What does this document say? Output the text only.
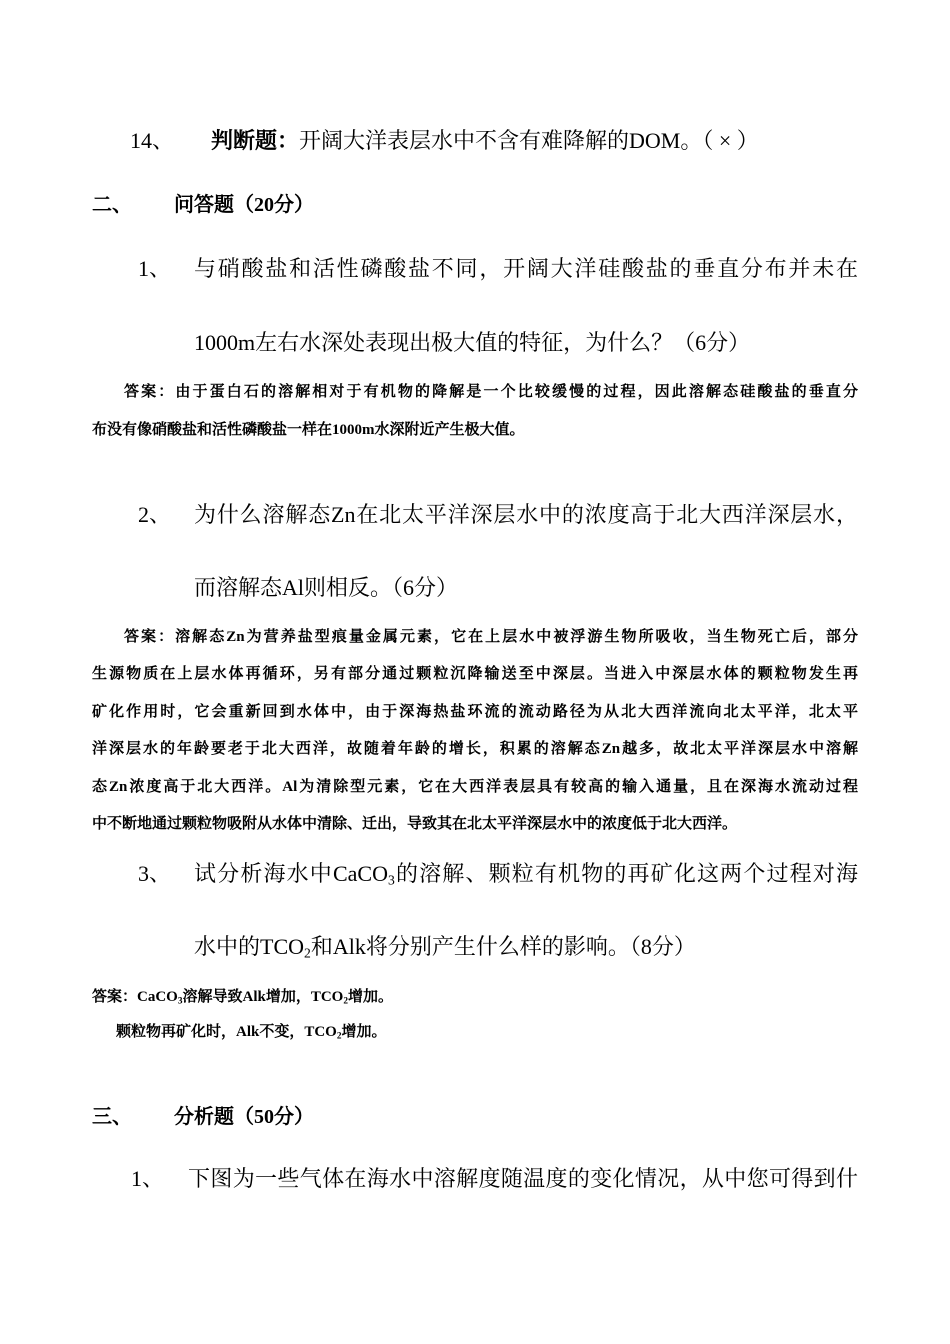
14、 判断题：开阔大洋表层水中不含有难降解的DOM。（ × ）
二、 问答题（20分）
1、 与硝酸盐和活性磷酸盐不同，开阔大洋硅酸盐的垂直分布并未在
1000m左右水深处表现出极大值的特征，为什么？（6分）
答案：由于蛋白石的溶解相对于有机物的降解是一个比较缓慢的过程，因此溶解态硅酸盐的垂直分
布没有像硝酸盐和活性磷酸盐一样在1000m水深附近产生极大值。
2、 为什么溶解态Zn在北太平洋深层水中的浓度高于北大西洋深层水，
而溶解态Al则相反。（6分）
答案：溶解态Zn为营养盐型痕量金属元素，它在上层水中被浮游生物所吸收，当生物死亡后，部分
生源物质在上层水体再循环，另有部分通过颗粒沉降输送至中深层。当进入中深层水体的颗粒物发生再
矿化作用时，它会重新回到水体中，由于深海热盐环流的流动路径为从北大西洋流向北太平洋，北太平
洋深层水的年龄要老于北大西洋，故随着年龄的增长，积累的溶解态Zn越多，故北太平洋深层水中溶解
态Zn浓度高于北大西洋。Al为清除型元素，它在大西洋表层具有较高的输入通量，且在深海水流动过程
中不断地通过颗粒物吸附从水体中清除、迁出，导致其在北太平洋深层水中的浓度低于北大西洋。
3、 试分析海水中CaCO$_3$的溶解、颗粒有机物的再矿化这两个过程对海
水中的$TCO_2$和Alk将分别产生什么样的影响。（8分）
答案：CaCO$_3$溶解导致Alk增加，$TCO_2$增加。
颗粒物再矿化时，Alk不变，$TCO_2$增加。
三、 分析题（50分）
1、 下图为一些气体在海水中溶解度随温度的变化情况，从中您可得到什
